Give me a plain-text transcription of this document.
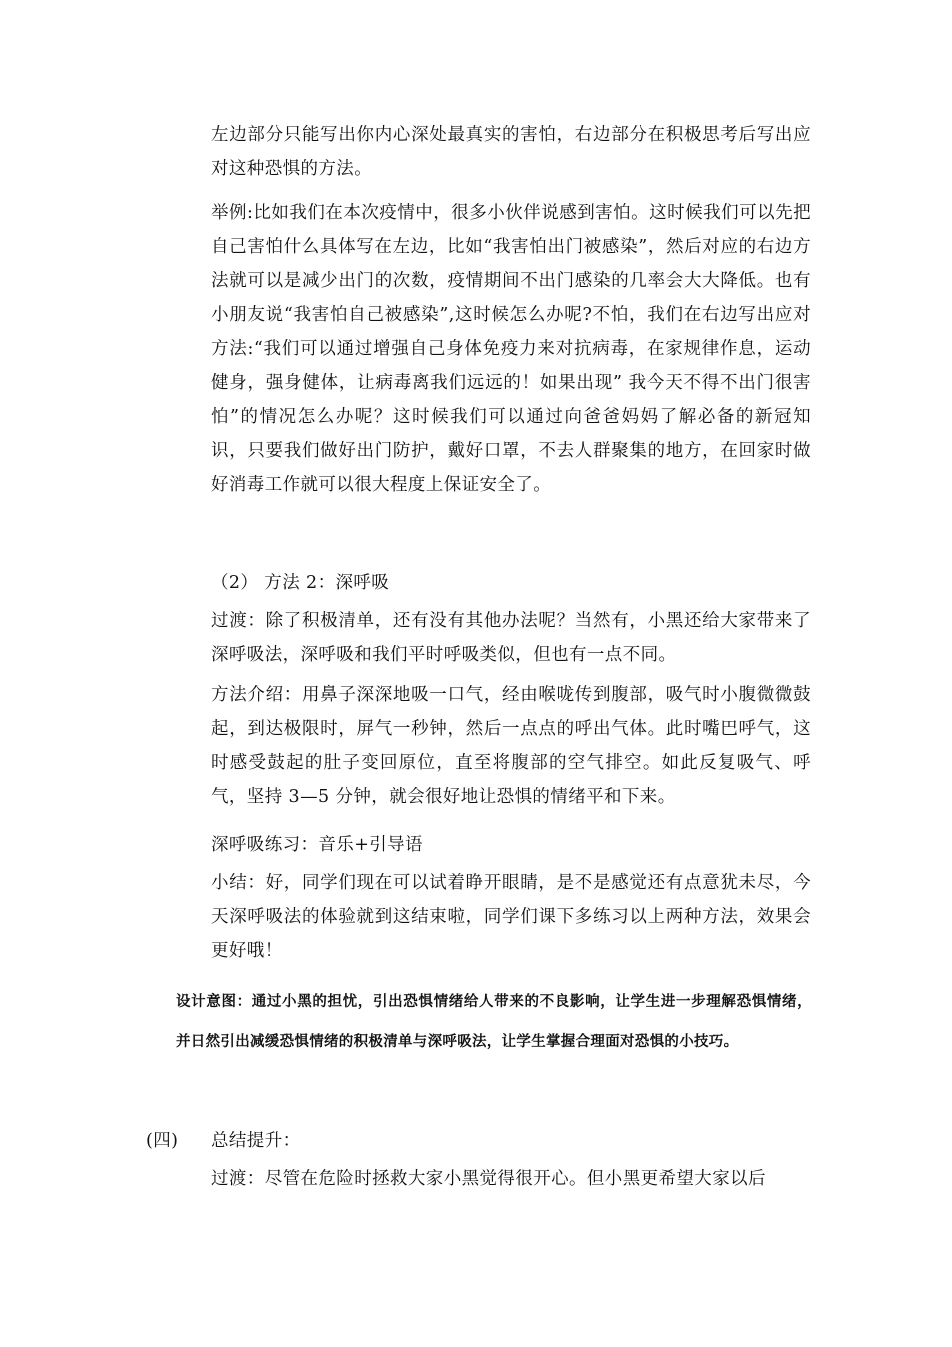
左边部分只能写出你内心深处最真实的害怕，右边部分在积极思考后写出应对这种恐惧的方法。

举例:比如我们在本次疫情中，很多小伙伴说感到害怕。这时候我们可以先把自己害怕什么具体写在左边，比如“我害怕出门被感染”，然后对应的右边方法就可以是减少出门的次数，疫情期间不出门感染的几率会大大降低。也有小朋友说“我害怕自己被感染”,这时候怎么办呢?不怕，我们在右边写出应对方法:“我们可以通过增强自己身体免疫力来对抗病毒，在家规律作息，运动健身，强身健体，让病毒离我们远远的！如果出现” 我今天不得不出门很害怕”的情况怎么办呢？这时候我们可以通过向爸爸妈妈了解必备的新冠知识，只要我们做好出门防护，戴好口罩，不去人群聚集的地方，在回家时做好消毒工作就可以很大程度上保证安全了。

（2） 方法 2：深呼吸

过渡：除了积极清单，还有没有其他办法呢？当然有，小黑还给大家带来了深呼吸法，深呼吸和我们平时呼吸类似，但也有一点不同。

方法介绍：用鼻子深深地吸一口气，经由喉咙传到腹部，吸气时小腹微微鼓起，到达极限时，屏气一秒钟，然后一点点的呼出气体。此时嘴巴呼气，这时感受鼓起的肚子变回原位，直至将腹部的空气排空。如此反复吸气、呼气，坚持 3—5 分钟，就会很好地让恐惧的情绪平和下来。

深呼吸练习：音乐+引导语

小结：好，同学们现在可以试着睁开眼睛，是不是感觉还有点意犹未尽，今天深呼吸法的体验就到这结束啦，同学们课下多练习以上两种方法，效果会更好哦！

设计意图：通过小黑的担忧，引出恐惧情绪给人带来的不良影响，让学生进一步理解恐惧情绪，并日然引出减缓恐惧情绪的积极清单与深呼吸法，让学生掌握合理面对恐惧的小技巧。

(四) 总结提升：

过渡：尽管在危险时拯救大家小黑觉得很开心。但小黑更希望大家以后
